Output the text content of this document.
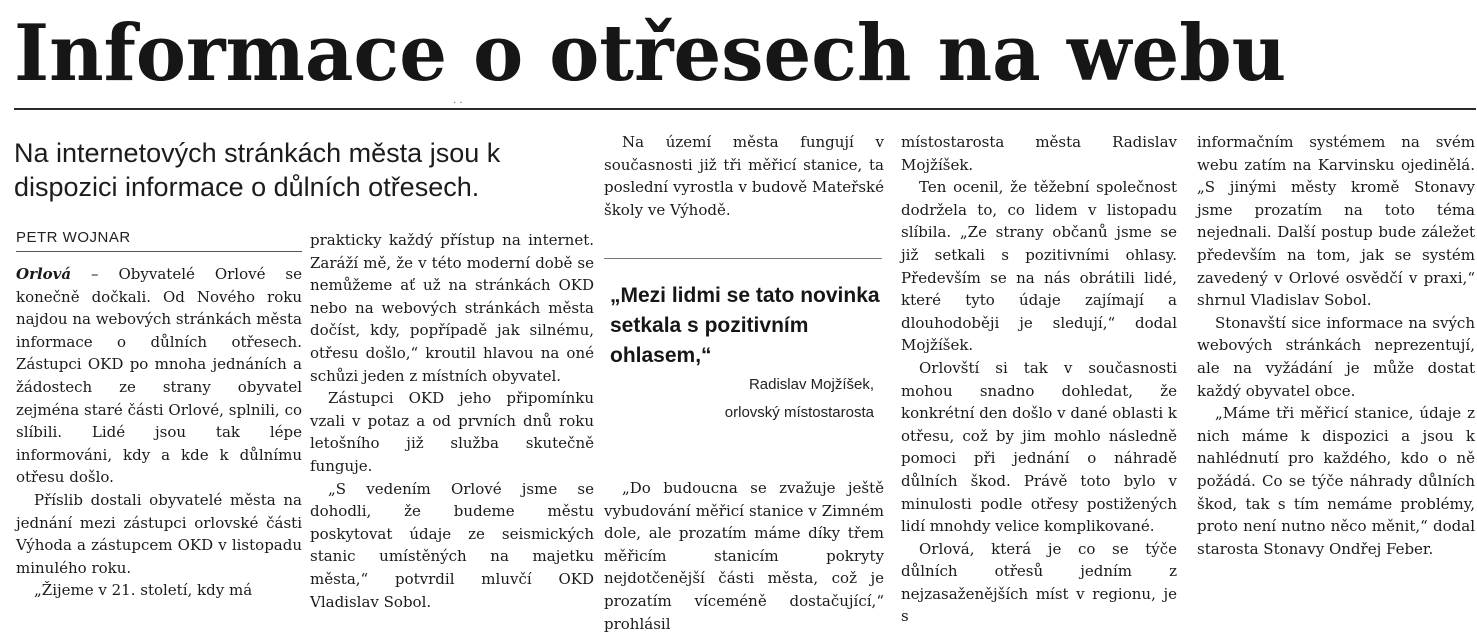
Informace o otřesech na webu
Na internetových stránkách města jsou k dispozici informace o důlních otřesech.
PETR WOJNAR

Orlová – Obyvatelé Orlové se konečně dočkali. Od Nového roku najdou na webových stránkách města informace o důlních otřesech. Zástupci OKD po mnoha jednáních a žádostech ze strany obyvatel zejména staré části Orlové, splnili, co slíbili. Lidé jsou tak lépe informováni, kdy a kde k důlnímu otřesu došlo.

Příslib dostali obyvatelé města na jednání mezi zástupci orlovské části Výhoda a zástupcem OKD v listopadu minulého roku.

„Žijeme v 21. století, kdy má

prakticky každý přístup na internet. Zaráží mě, že v této moderní době se nemůžeme ať už na stránkách OKD nebo na webových stránkách města dočíst, kdy, popřípadě jak silnému, otřesu došlo,“ kroutil hlavou na oné schůzi jeden z místních obyvatel.

Zástupci OKD jeho připomínku vzali v potaz a od prvních dnů roku letošního již služba skutečně funguje.

„S vedením Orlové jsme se dohodli, že budeme městu poskytovat údaje ze seismických stanic umístěných na majetku města,“ potvrdil mluvčí OKD Vladislav Sobol.

Na území města fungují v současnosti již tři měřicí stanice, ta poslední vyrostla v budově Mateřské školy ve Výhodě.

„Mezi lidmi se tato novinka setkala s pozitivním ohlasem,“

Radislav Mojžíšek,
orlovský místostarosta

„Do budoucna se zvažuje ještě vybudování měřicí stanice v Zimném dole, ale prozatím máme díky třem měřicím stanicím pokryty nejdotčenější části města, což je prozatím víceméně dostačující,“ prohlásil

místostarosta města Radislav Mojžíšek.

Ten ocenil, že těžební společnost dodržela to, co lidem v listopadu slíbila. „Ze strany občanů jsme se již setkali s pozitivními ohlasy. Především se na nás obrátili lidé, které tyto údaje zajímají a dlouhodoběji je sledují,“ dodal Mojžíšek.

Orlovští si tak v současnosti mohou snadno dohledat, že konkrétní den došlo v dané oblasti k otřesu, což by jim mohlo následně pomoci při jednání o náhradě důlních škod. Právě toto bylo v minulosti podle otřesy postižených lidí mnohdy velice komplikované.

Orlová, která je co se týče důlních otřesů jedním z nejzasaženějších míst v regionu, je s

informačním systémem na svém webu zatím na Karvinsku ojedinělá. „S jinými městy kromě Stonavy jsme prozatím na toto téma nejednali. Další postup bude záležet především na tom, jak se systém zavedený v Orlové osvědčí v praxi,“ shrnul Vladislav Sobol.

Stonavští sice informace na svých webových stránkách neprezentují, ale na vyžádání je může dostat každý obyvatel obce.

„Máme tři měřicí stanice, údaje z nich máme k dispozici a jsou k nahlédnutí pro každého, kdo o ně požádá. Co se týče náhrady důlních škod, tak s tím nemáme problémy, proto není nutno něco měnit,“ dodal starosta Stonavy Ondřej Feber.

· ·
